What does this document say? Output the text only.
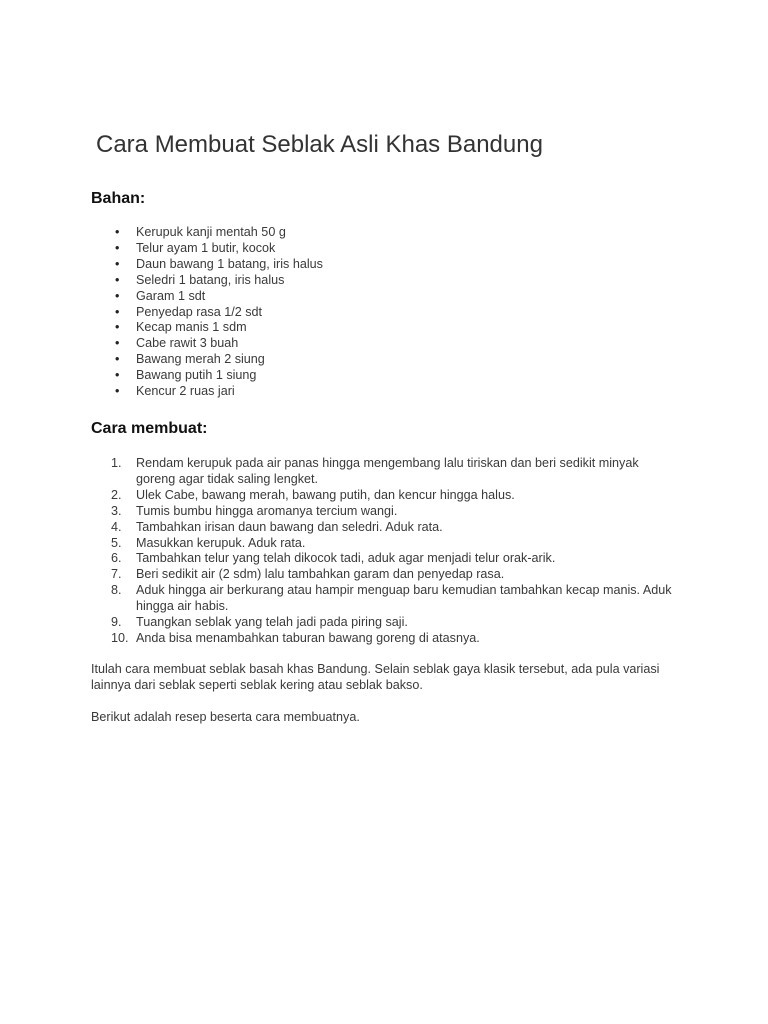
Cara Membuat Seblak Asli Khas Bandung
Bahan:
• Kerupuk kanji mentah 50 g
• Telur ayam 1 butir, kocok
• Daun bawang 1 batang, iris halus
• Seledri 1 batang, iris halus
• Garam 1 sdt
• Penyedap rasa 1/2 sdt
• Kecap manis 1 sdm
• Cabe rawit 3 buah
• Bawang merah 2 siung
• Bawang putih 1 siung
• Kencur 2 ruas jari
Cara membuat:
1.	Rendam kerupuk pada air panas hingga mengembang lalu tiriskan dan beri sedikit minyak goreng agar tidak saling lengket.
2.	Ulek Cabe, bawang merah, bawang putih, dan kencur hingga halus.
3.	Tumis bumbu hingga aromanya tercium wangi.
4.	Tambahkan irisan daun bawang dan seledri. Aduk rata.
5.	Masukkan kerupuk. Aduk rata.
6.	Tambahkan telur yang telah dikocok tadi, aduk agar menjadi telur orak-arik.
7.	Beri sedikit air (2 sdm) lalu tambahkan garam dan penyedap rasa.
8.	Aduk hingga air berkurang atau hampir menguap baru kemudian tambahkan kecap manis. Aduk hingga air habis.
9.	Tuangkan seblak yang telah jadi pada piring saji.
10. Anda bisa menambahkan taburan bawang goreng di atasnya.

Itulah cara membuat seblak basah khas Bandung. Selain seblak gaya klasik tersebut, ada pula variasi lainnya dari seblak seperti seblak kering atau seblak bakso.

Berikut adalah resep beserta cara membuatnya.
